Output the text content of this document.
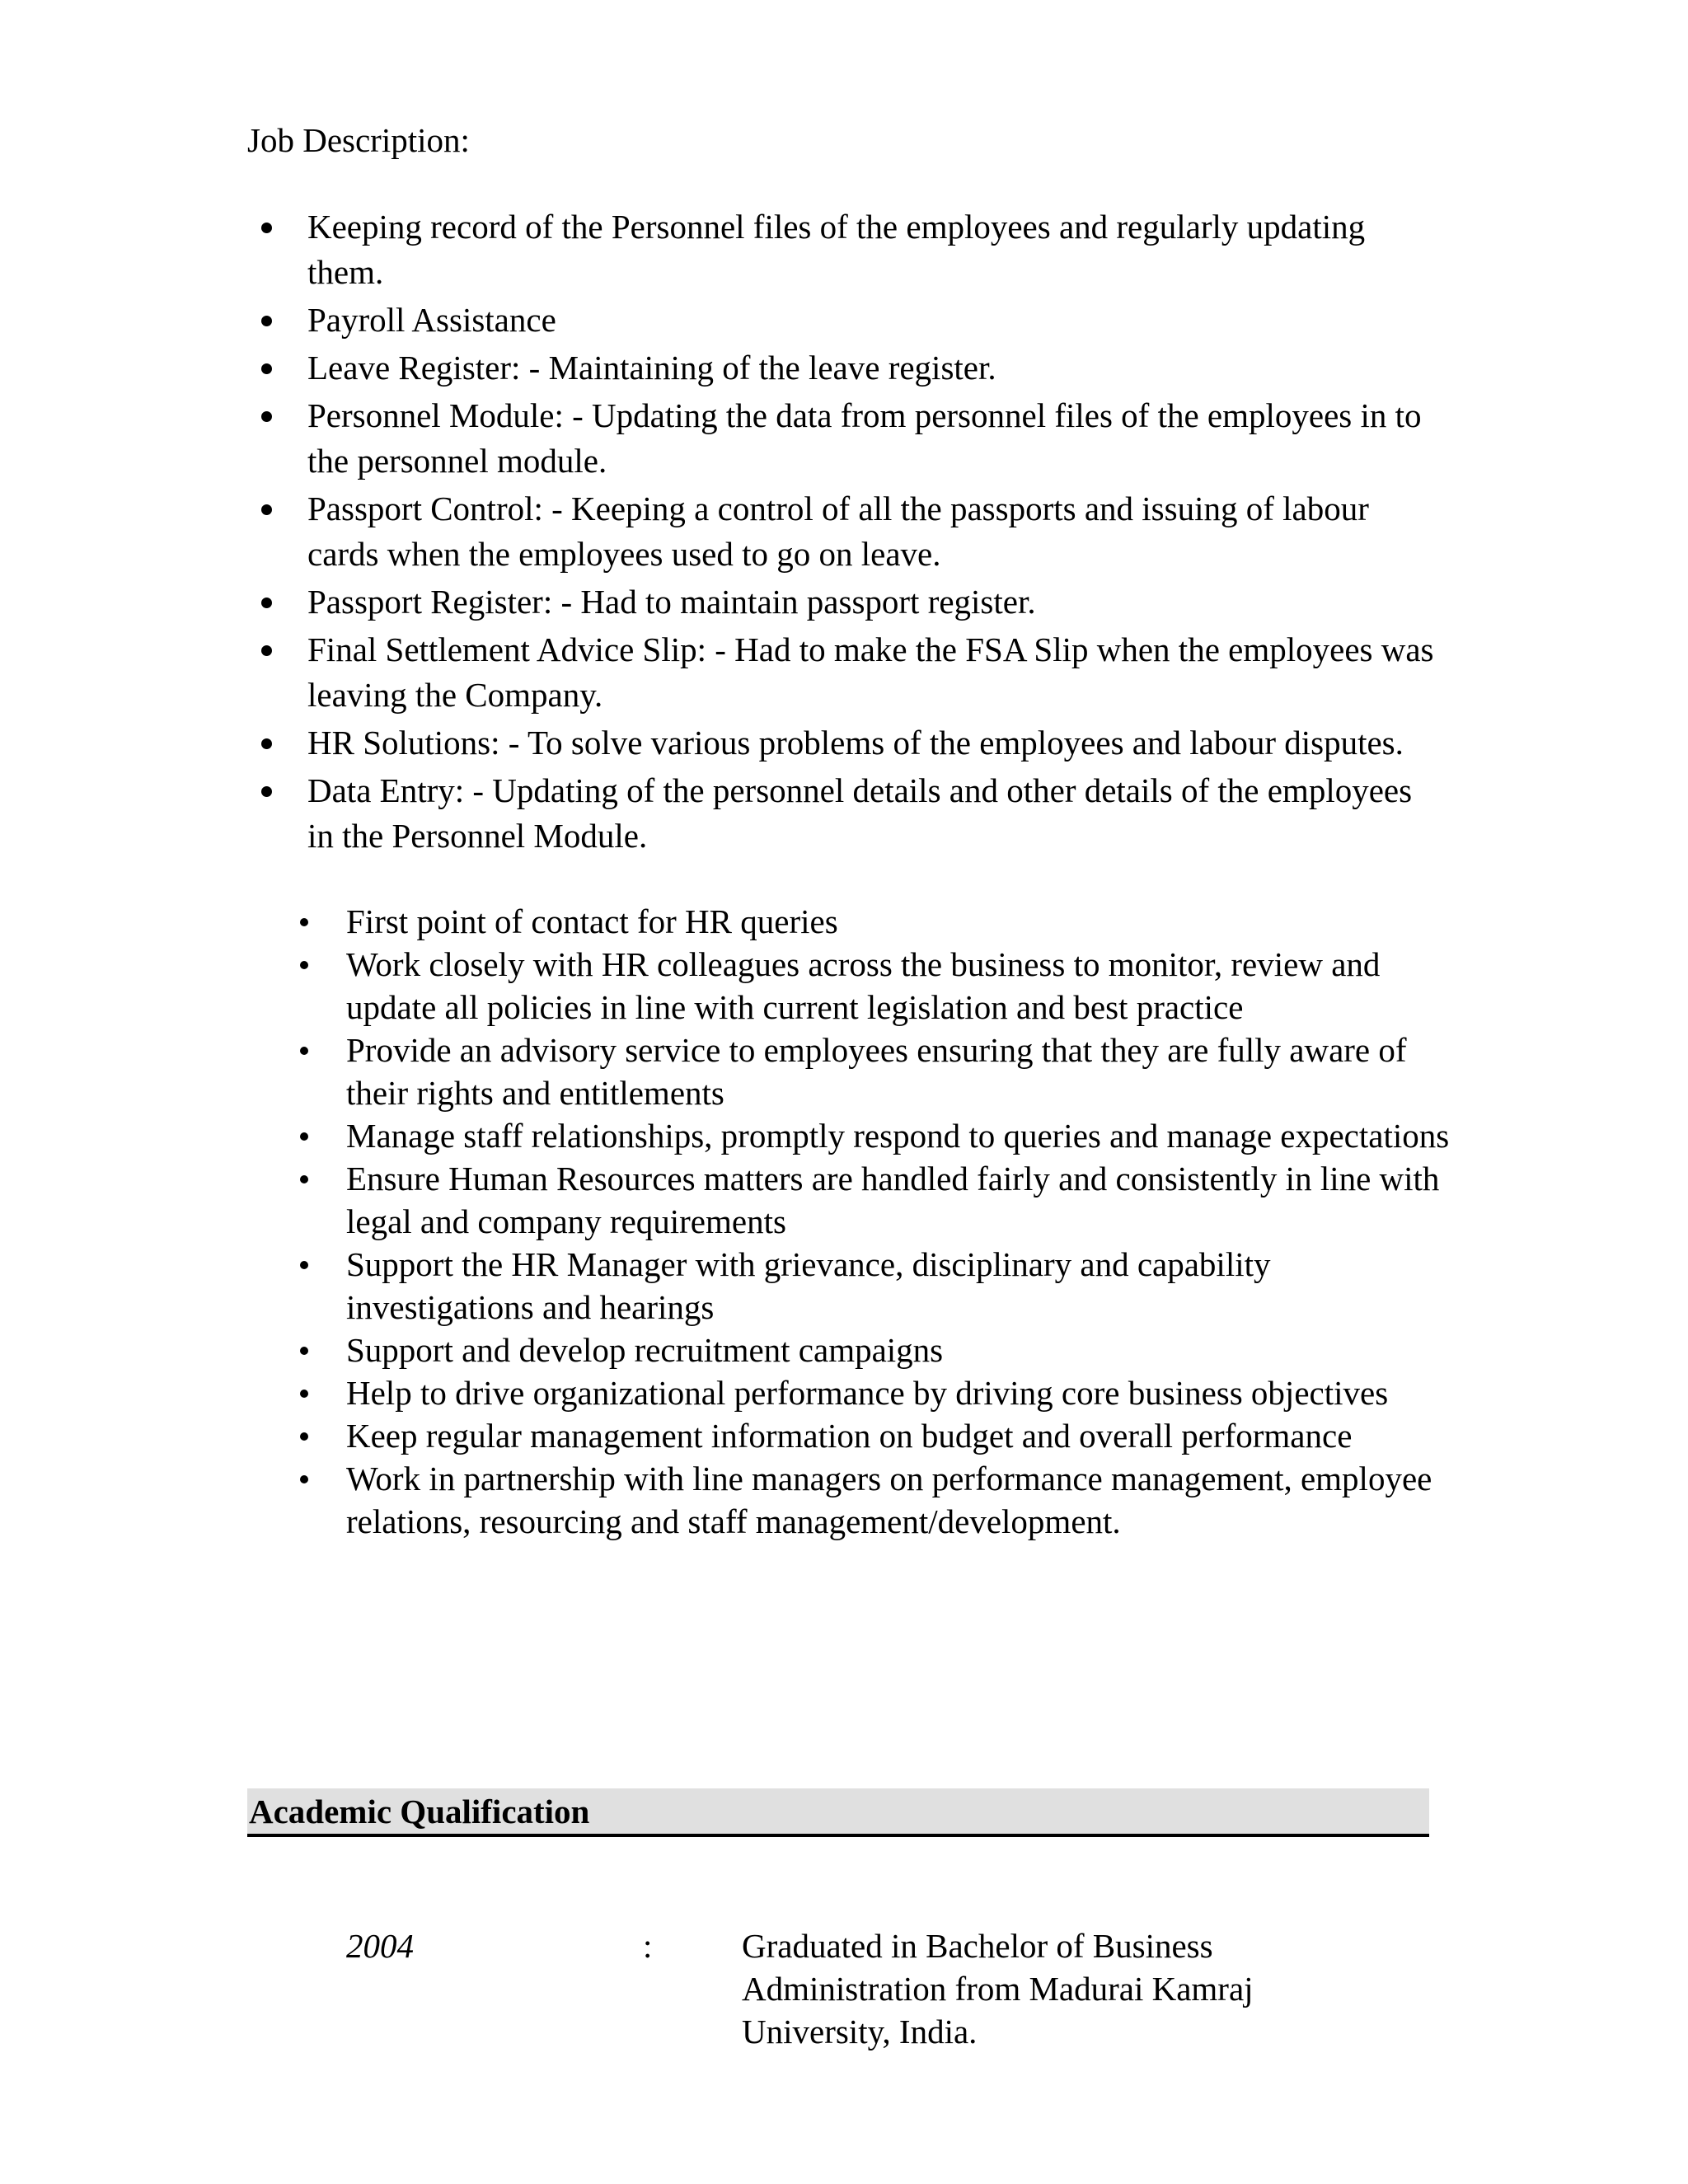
Job Description:
Keeping record of the Personnel files of the employees and regularly updating them.
Payroll Assistance
Leave Register: - Maintaining of the leave register.
Personnel Module: - Updating the data from personnel files of the employees in to the personnel module.
Passport Control: - Keeping a control of all the passports and issuing of labour cards when the employees used to go on leave.
Passport Register: - Had to maintain passport register.
Final Settlement Advice Slip: - Had to make the FSA Slip when the employees was leaving the Company.
HR Solutions: - To solve various problems of the employees and labour disputes.
Data Entry: - Updating of the personnel details and other details of the employees in the Personnel Module.
First point of contact for HR queries
Work closely with HR colleagues across the business to monitor, review and update all policies in line with current legislation and best practice
Provide an advisory service to employees ensuring that they are fully aware of their rights and entitlements
Manage staff relationships, promptly respond to queries and manage expectations
Ensure Human Resources matters are handled fairly and consistently in line with legal and company requirements
Support the HR Manager with grievance, disciplinary and capability investigations and hearings
Support and develop recruitment campaigns
Help to drive organizational performance by driving core business objectives
Keep regular management information on budget and overall performance
Work in partnership with line managers on performance management, employee relations, resourcing and staff management/development.
Academic Qualification
2004	:	Graduated in Bachelor of Business Administration from Madurai Kamraj University, India.
